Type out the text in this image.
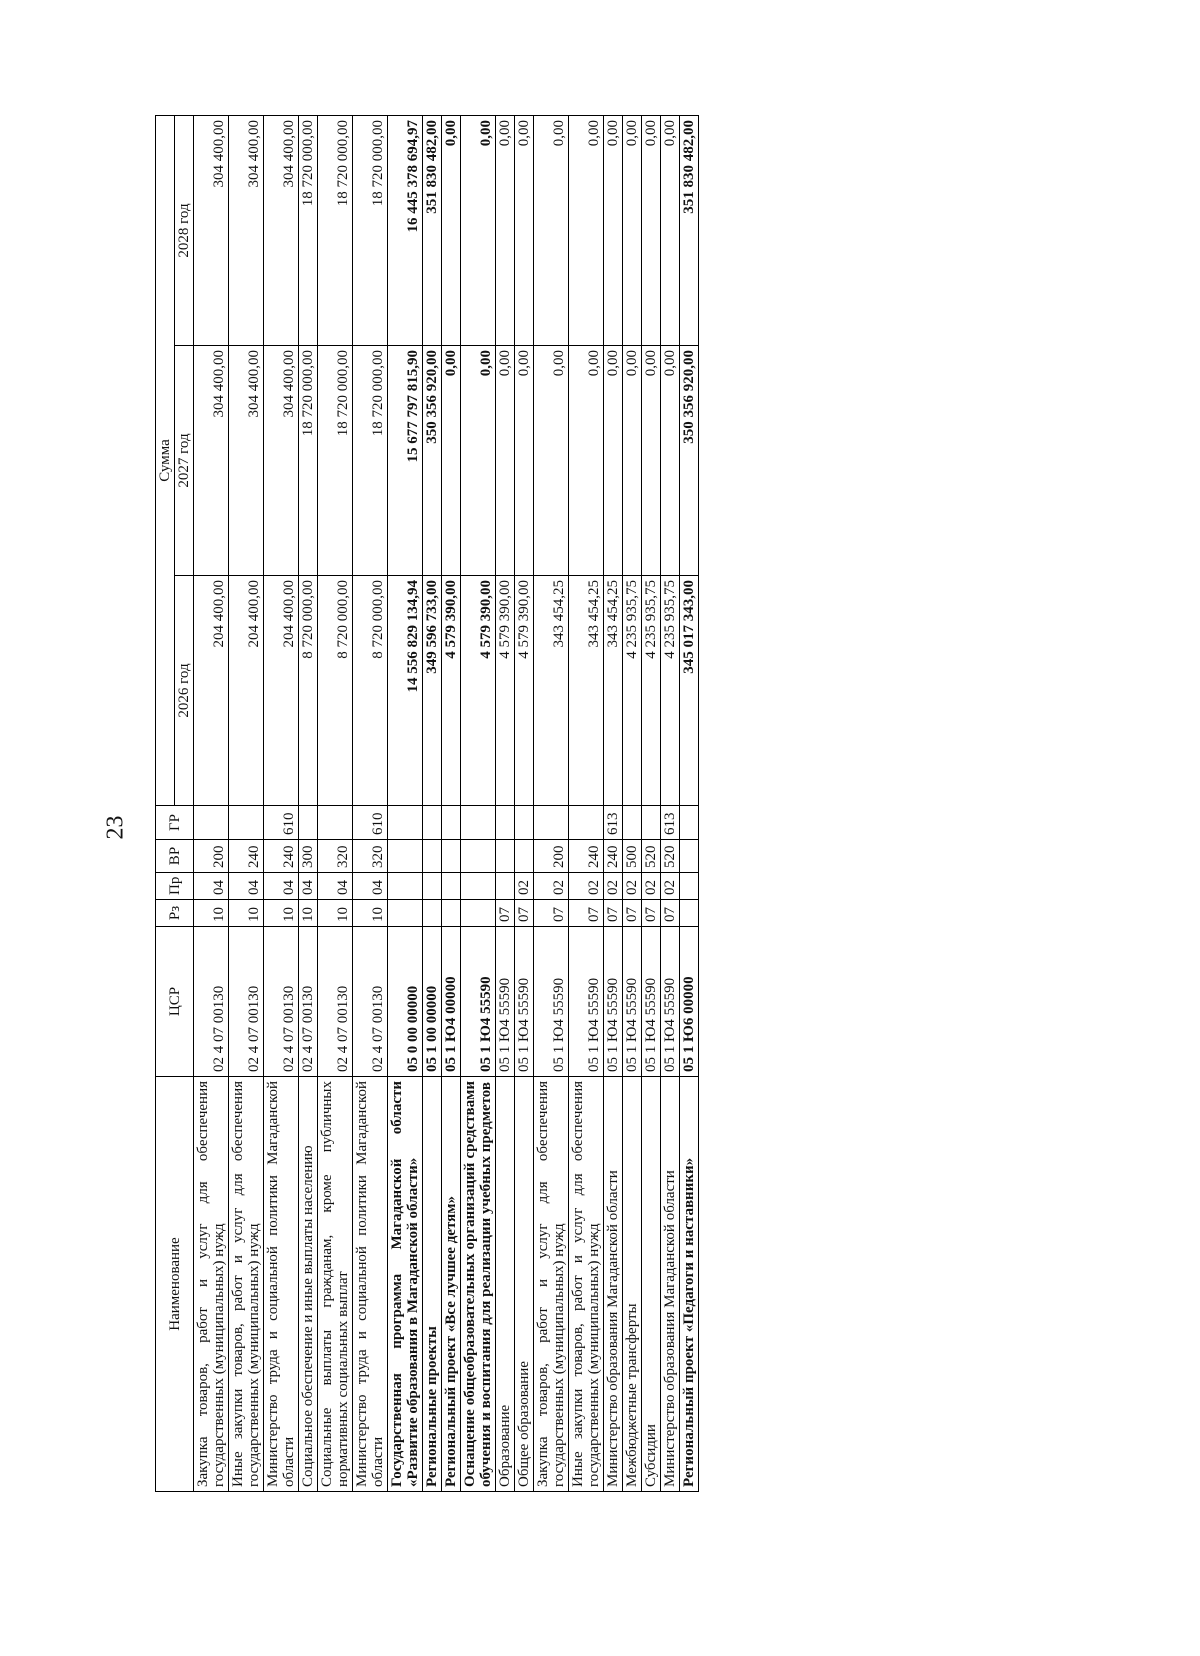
23
Наименование	ЦСР	Рз	Пр	ВР	ГР	Сумма		
						2026 год	2027 год	2028 год
Закупка товаров, работ и услуг для обеспечения государственных (муниципальных) нужд	02 4 07 00130	10	04	200		204 400,00	304 400,00	304 400,00
Иные закупки товаров, работ и услуг для обеспечения государственных (муниципальных) нужд	02 4 07 00130	10	04	240		204 400,00	304 400,00	304 400,00
Министерство труда и социальной политики Магаданской области	02 4 07 00130	10	04	240	610	204 400,00	304 400,00	304 400,00
Социальное обеспечение и иные выплаты населению	02 4 07 00130	10	04	300		8 720 000,00	18 720 000,00	18 720 000,00
Социальные выплаты гражданам, кроме публичных нормативных социальных выплат	02 4 07 00130	10	04	320		8 720 000,00	18 720 000,00	18 720 000,00
Министерство труда и социальной политики Магаданской области	02 4 07 00130	10	04	320	610	8 720 000,00	18 720 000,00	18 720 000,00
Государственная программа Магаданской области «Развитие образования в Магаданской области»	05 0 00 00000					14 556 829 134,94	15 677 797 815,90	16 445 378 694,97
Региональные проекты	05 1 00 00000					349 596 733,00	350 356 920,00	351 830 482,00
Региональный проект «Все лучшее детям»	05 1 Ю4 00000					4 579 390,00	0,00	0,00
Оснащение общеобразовательных организаций средствами обучения и воспитания для реализации учебных предметов	05 1 Ю4 55590					4 579 390,00	0,00	0,00
Образование	05 1 Ю4 55590	07				4 579 390,00	0,00	0,00
Общее образование	05 1 Ю4 55590	07	02			4 579 390,00	0,00	0,00
Закупка товаров, работ и услуг для обеспечения государственных (муниципальных) нужд	05 1 Ю4 55590	07	02	200		343 454,25	0,00	0,00
Иные закупки товаров, работ и услуг для обеспечения государственных (муниципальных) нужд	05 1 Ю4 55590	07	02	240		343 454,25	0,00	0,00
Министерство образования Магаданской области	05 1 Ю4 55590	07	02	240	613	343 454,25	0,00	0,00
Межбюджетные трансферты	05 1 Ю4 55590	07	02	500		4 235 935,75	0,00	0,00
Субсидии	05 1 Ю4 55590	07	02	520		4 235 935,75	0,00	0,00
Министерство образования Магаданской области	05 1 Ю4 55590	07	02	520	613	4 235 935,75	0,00	0,00
Региональный проект «Педагоги и наставники»	05 1 Ю6 00000					345 017 343,00	350 356 920,00	351 830 482,00
